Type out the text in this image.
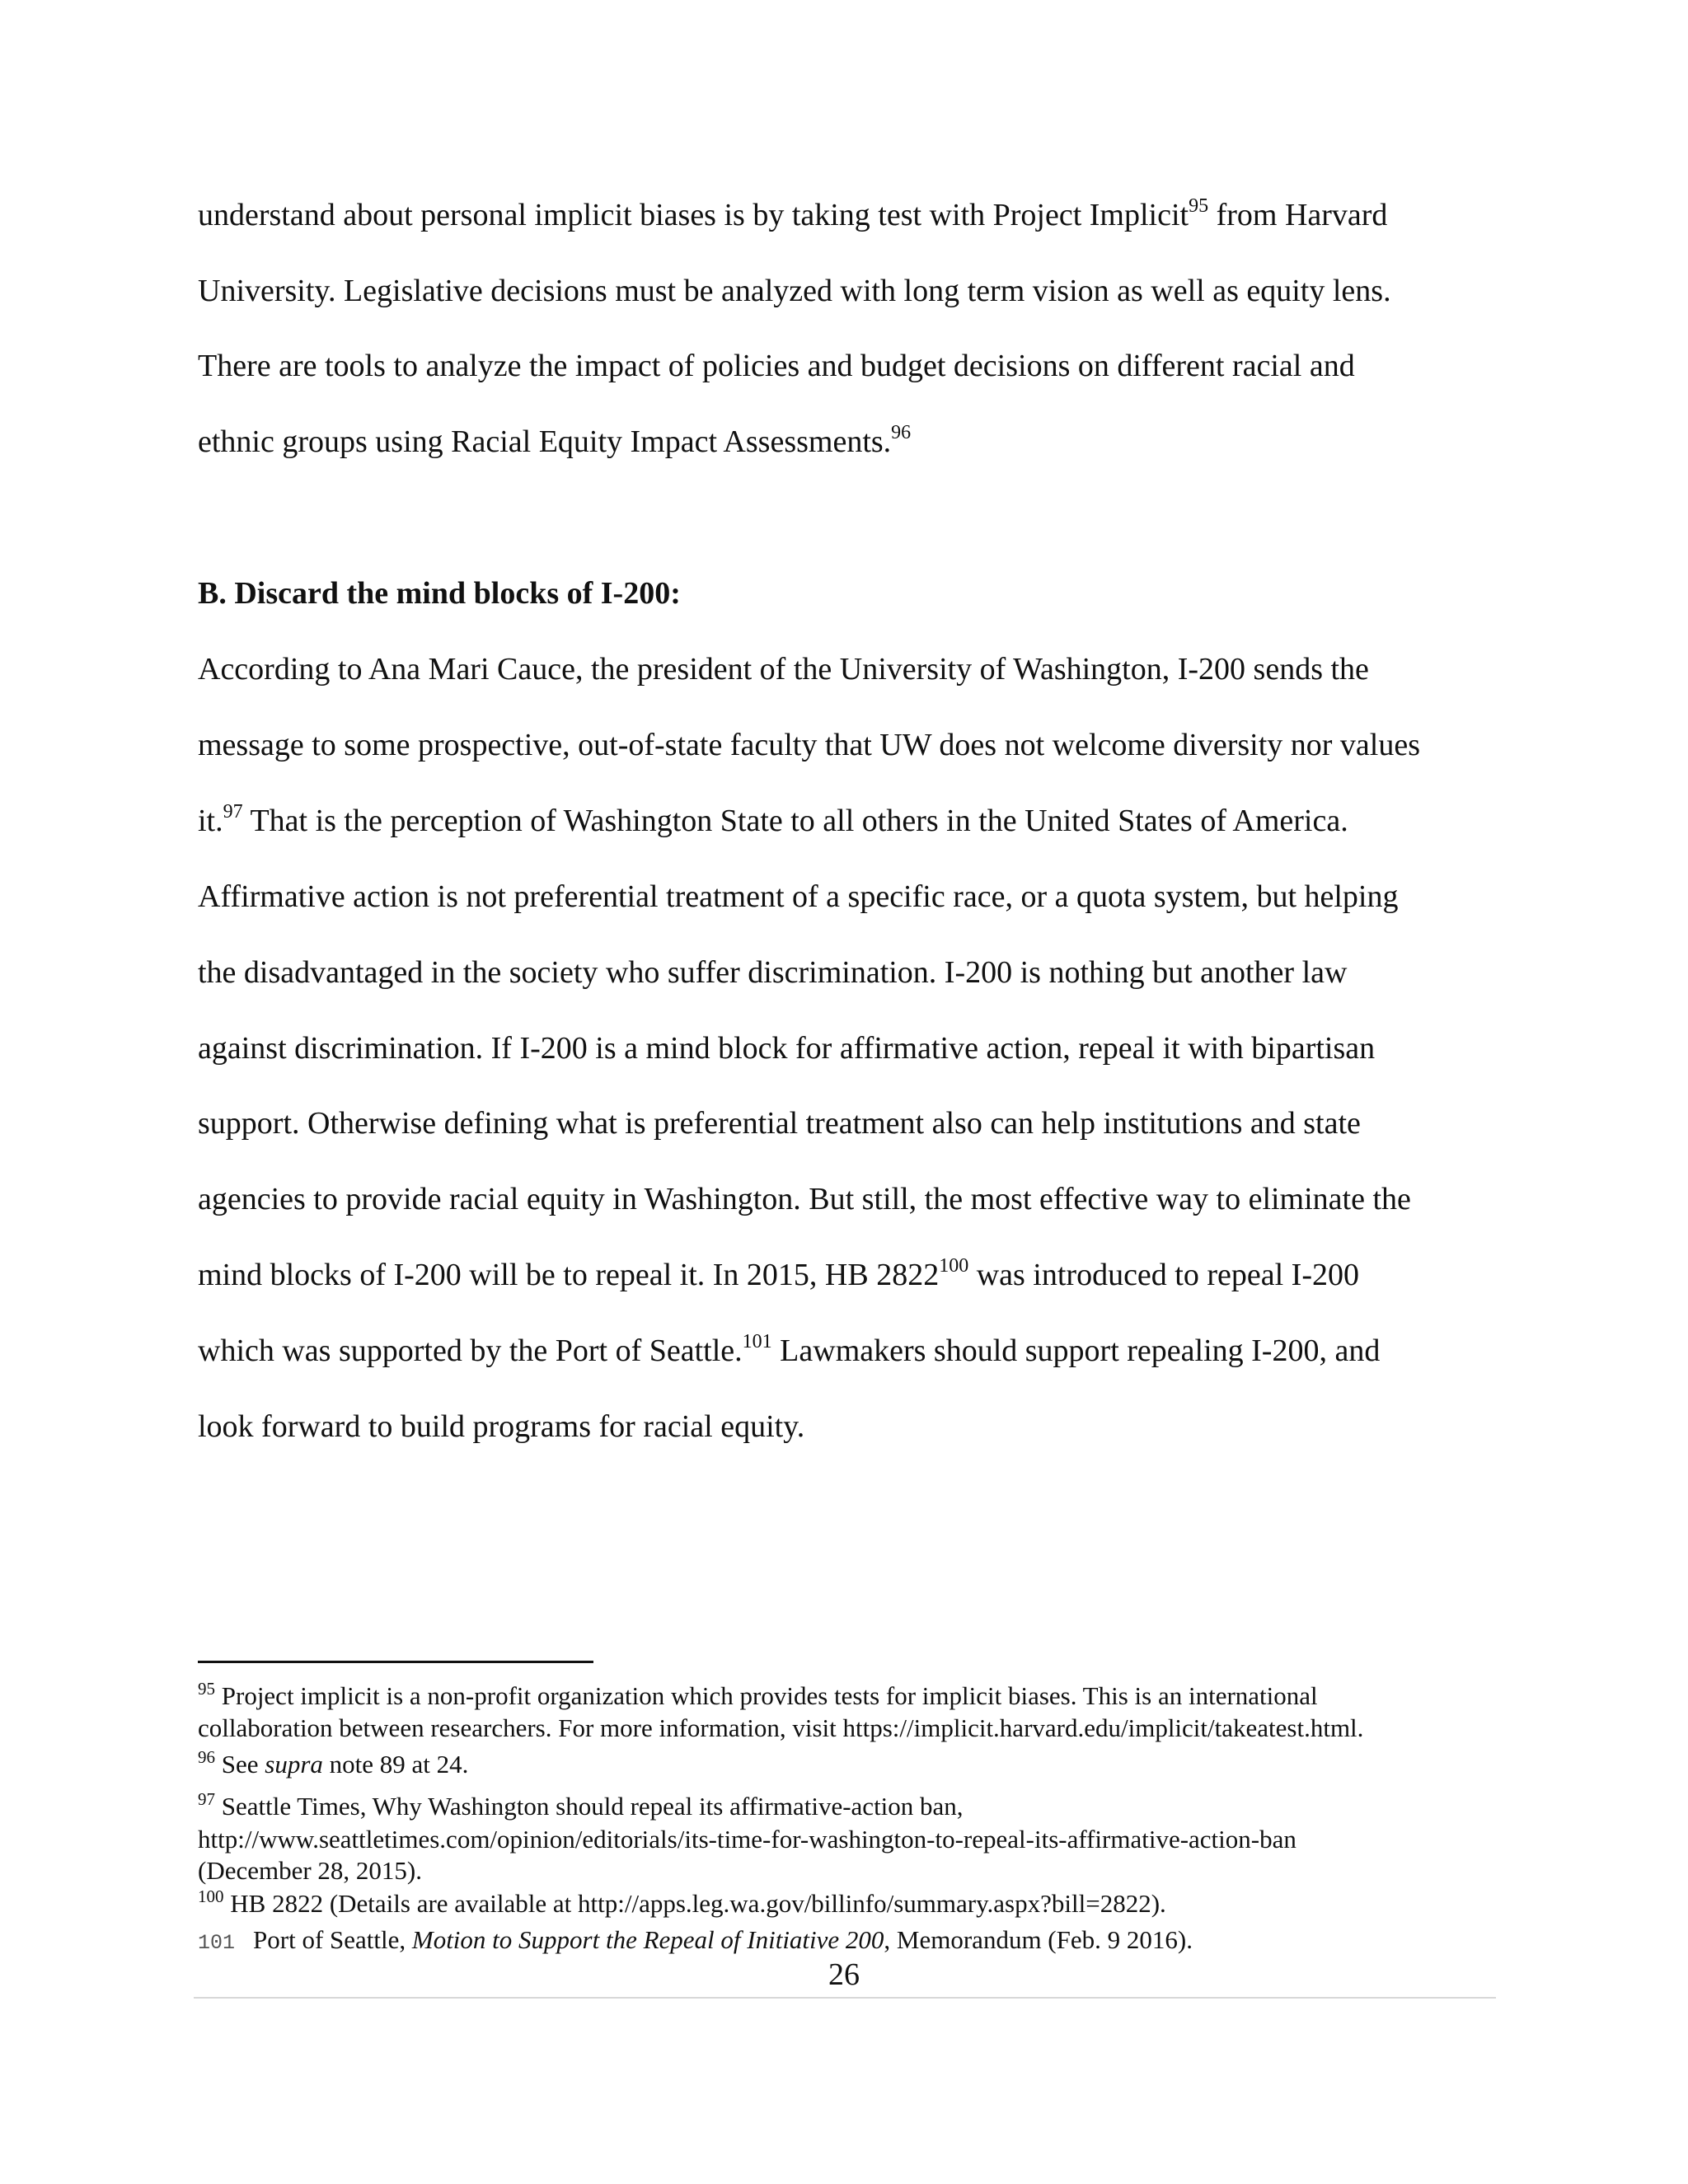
understand about personal implicit biases is by taking test with Project Implicit$^{95}$ from Harvard
University. Legislative decisions must be analyzed with long term vision as well as equity lens.
There are tools to analyze the impact of policies and budget decisions on different racial and
ethnic groups using Racial Equity Impact Assessments.$^{96}$
B. Discard the mind blocks of I-200:
According to Ana Mari Cauce, the president of the University of Washington, I-200 sends the
message to some prospective, out-of-state faculty that UW does not welcome diversity nor values
it.$^{97}$ That is the perception of Washington State to all others in the United States of America.
Affirmative action is not preferential treatment of a specific race, or a quota system, but helping
the disadvantaged in the society who suffer discrimination. I-200 is nothing but another law
against discrimination. If I-200 is a mind block for affirmative action, repeal it with bipartisan
support. Otherwise defining what is preferential treatment also can help institutions and state
agencies to provide racial equity in Washington. But still, the most effective way to eliminate the
mind blocks of I-200 will be to repeal it. In 2015, HB 2822$^{100}$ was introduced to repeal I-200
which was supported by the Port of Seattle.$^{101}$ Lawmakers should support repealing I-200, and
look forward to build programs for racial equity.
$^{95}$ Project implicit is a non-profit organization which provides tests for implicit biases. This is an international
collaboration between researchers. For more information, visit https://implicit.harvard.edu/implicit/takeatest.html.
$^{96}$ See supra note 89 at 24.
$^{97}$ Seattle Times, Why Washington should repeal its affirmative-action ban,
http://www.seattletimes.com/opinion/editorials/its-time-for-washington-to-repeal-its-affirmative-action-ban
(December 28, 2015).
$^{100}$ HB 2822 (Details are available at http://apps.leg.wa.gov/billinfo/summary.aspx?bill=2822).
101 Port of Seattle, Motion to Support the Repeal of Initiative 200, Memorandum (Feb. 9 2016).
26
